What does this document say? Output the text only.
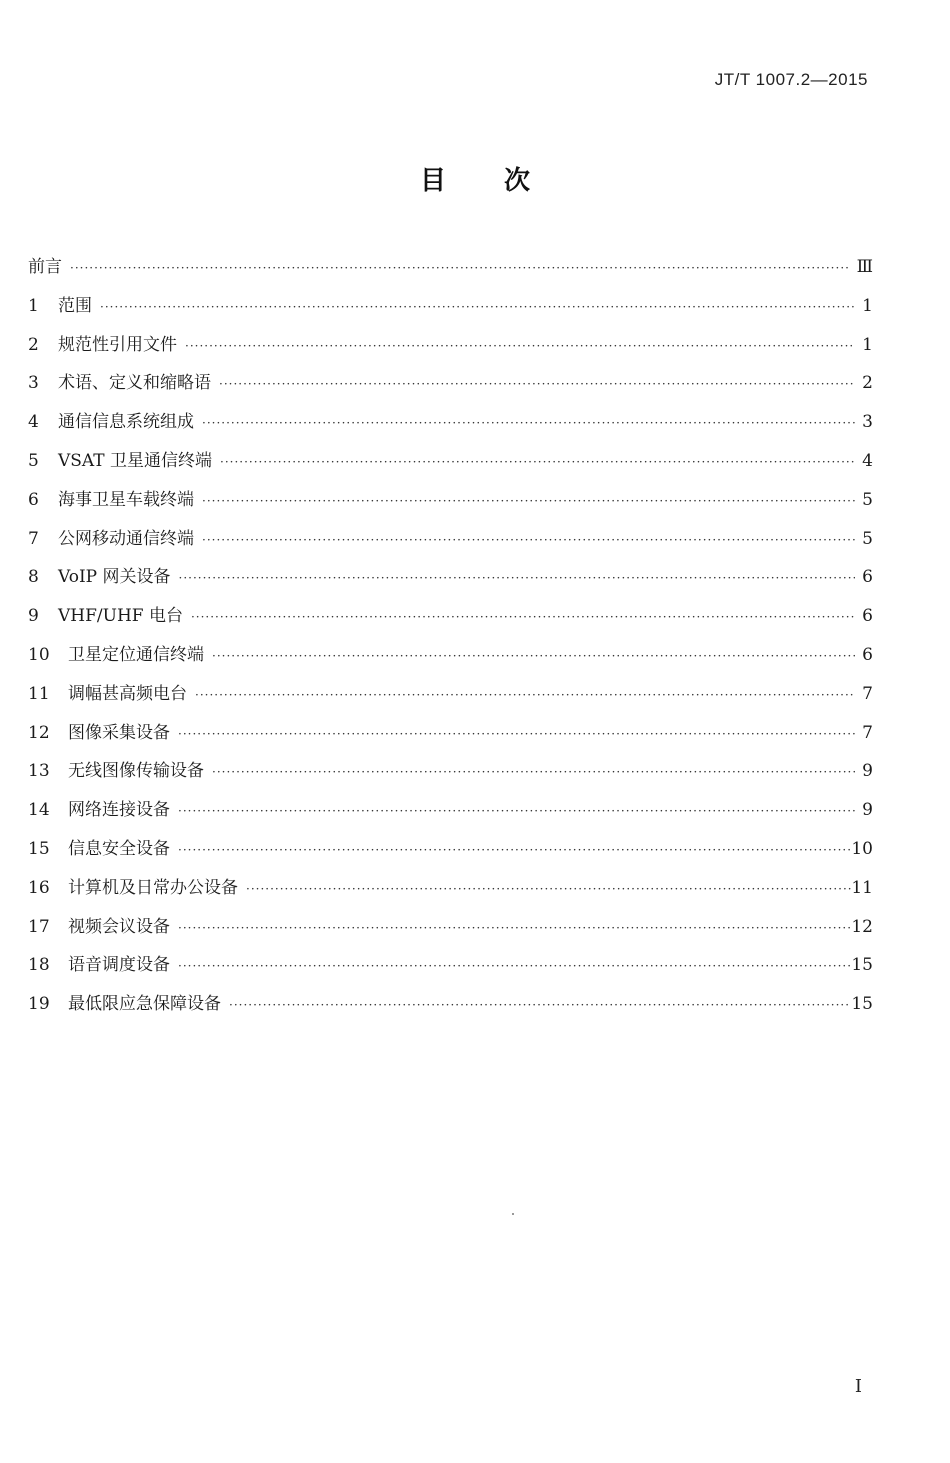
JT/T 1007.2—2015
目 次
前言 ·····	Ⅲ
1	范围 ·····	1
2	规范性引用文件 ·····	1
3	术语、定义和缩略语 ·····	2
4	通信信息系统组成 ·····	3
5	VSAT 卫星通信终端 ·····	4
6	海事卫星车载终端 ·····	5
7	公网移动通信终端 ·····	5
8	VoIP 网关设备 ·····	6
9	VHF/UHF 电台 ·····	6
10	卫星定位通信终端 ·····	6
11	调幅甚高频电台 ·····	7
12	图像采集设备 ·····	7
13	无线图像传输设备 ·····	9
14	网络连接设备 ·····	9
15	信息安全设备 ·····	10
16	计算机及日常办公设备 ·····	11
17	视频会议设备 ·····	12
18	语音调度设备 ·····	15
19	最低限应急保障设备 ·····	15
I
